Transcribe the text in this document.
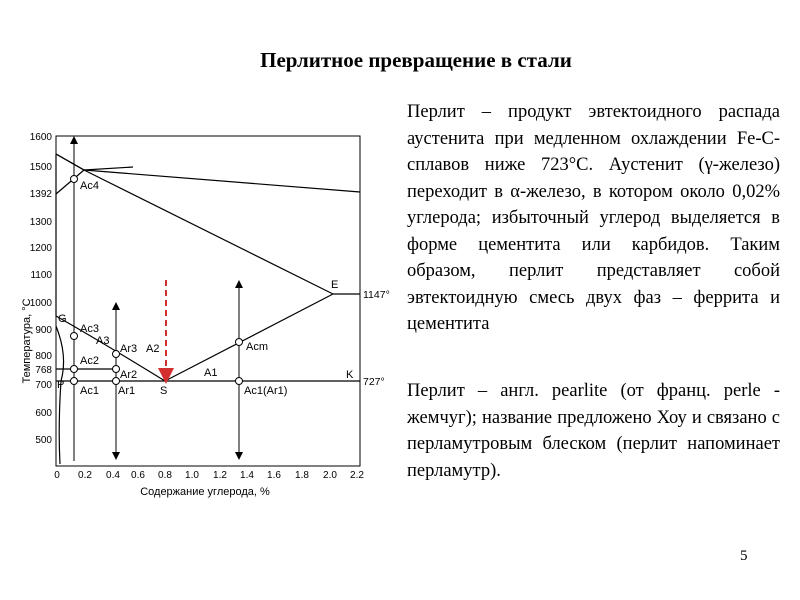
Перлитное превращение в стали
Температура, °C
1600
1500
1392
1300
1200
1100
1000
900
800
768
700
600
500
0 0.2 0.4 0.6 0.8 1.0 1.2 1.4 1.6 1.8 2.0 2.2
Содержание углерода, %
Ac4
G
Ac3
A3
Ac2
Ar3 A2
Ar2
P Ac1 Ar1 S
A1
Acm
Ac1(Ar1)
E
K
1147°
727°
Перлит – продукт эвтектоидного распада аустенита при медленном охлаждении Fe-C-сплавов ниже 723°C. Аустенит (γ-железо) переходит в α-железо, в котором около 0,02% углерода; избыточный углерод выделяется в форме цементита или карбидов. Таким образом, перлит представляет собой эвтектоидную смесь двух фаз – феррита и цементита
Перлит – англ. pearlite (от франц. perle - жемчуг); название предложено Хоу и связано с перламутровым блеском (перлит напоминает перламутр).
5
